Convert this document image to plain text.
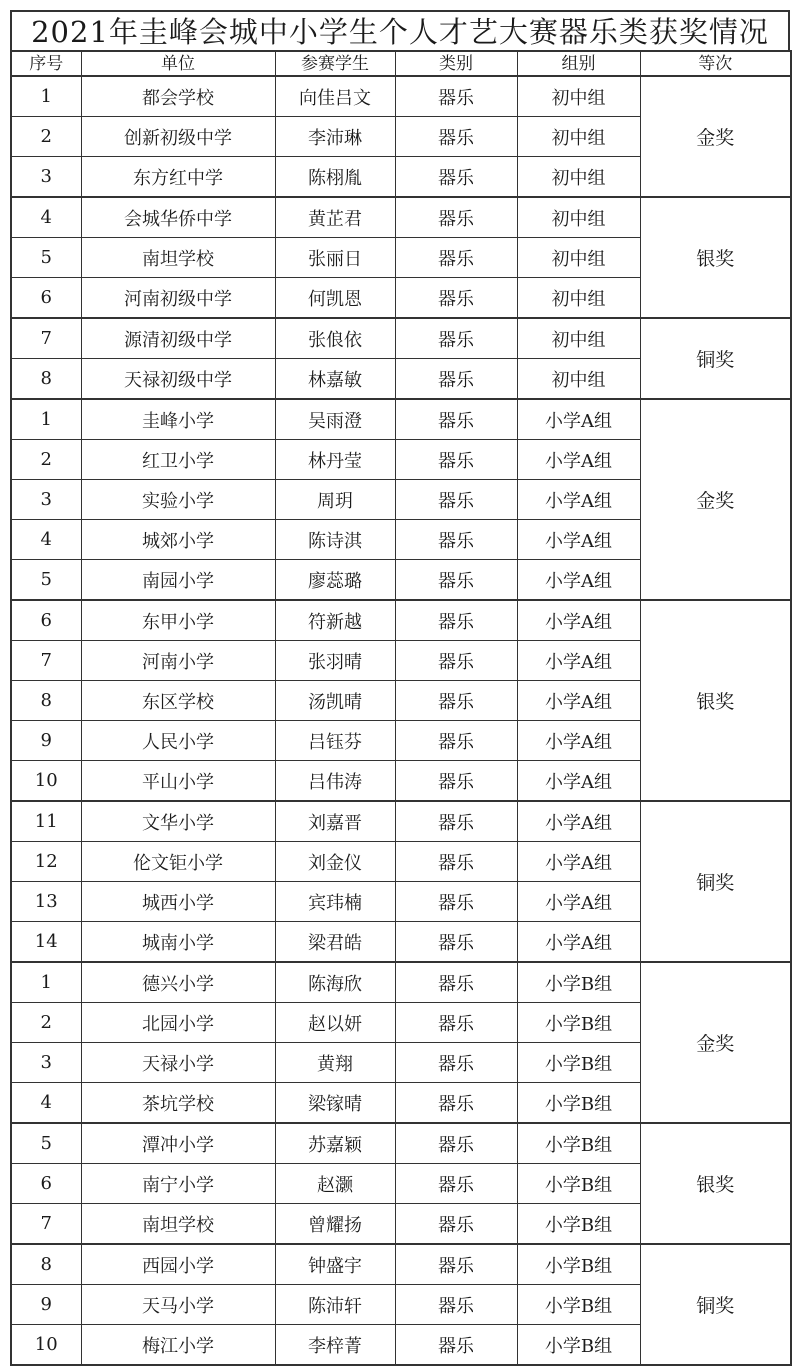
2021年圭峰会城中小学生个人才艺大赛器乐类获奖情况
序号	单位	参赛学生	类别	组别	等次
1	都会学校	向佳吕文	器乐	初中组	金奖
2	创新初级中学	李沛琳	器乐	初中组	
3	东方红中学	陈栩胤	器乐	初中组	
4	会城华侨中学	黄芷君	器乐	初中组	银奖
5	南坦学校	张丽日	器乐	初中组	
6	河南初级中学	何凯恩	器乐	初中组	
7	源清初级中学	张俍依	器乐	初中组	铜奖
8	天禄初级中学	林嘉敏	器乐	初中组	
1	圭峰小学	吴雨澄	器乐	小学A组	金奖
2	红卫小学	林丹莹	器乐	小学A组	
3	实验小学	周玥	器乐	小学A组	
4	城郊小学	陈诗淇	器乐	小学A组	
5	南园小学	廖蕊璐	器乐	小学A组	
6	东甲小学	符新越	器乐	小学A组	银奖
7	河南小学	张羽晴	器乐	小学A组	
8	东区学校	汤凯晴	器乐	小学A组	
9	人民小学	吕钰芬	器乐	小学A组	
10	平山小学	吕伟涛	器乐	小学A组	
11	文华小学	刘嘉晋	器乐	小学A组	铜奖
12	伦文钜小学	刘金仪	器乐	小学A组	
13	城西小学	宾玮楠	器乐	小学A组	
14	城南小学	梁君皓	器乐	小学A组	
1	德兴小学	陈海欣	器乐	小学B组	金奖
2	北园小学	赵以妍	器乐	小学B组	
3	天禄小学	黄翔	器乐	小学B组	
4	茶坑学校	梁镓晴	器乐	小学B组	
5	潭冲小学	苏嘉颖	器乐	小学B组	银奖
6	南宁小学	赵灏	器乐	小学B组	
7	南坦学校	曾耀扬	器乐	小学B组	
8	西园小学	钟盛宇	器乐	小学B组	铜奖
9	天马小学	陈沛轩	器乐	小学B组	
10	梅江小学	李梓菁	器乐	小学B组	
